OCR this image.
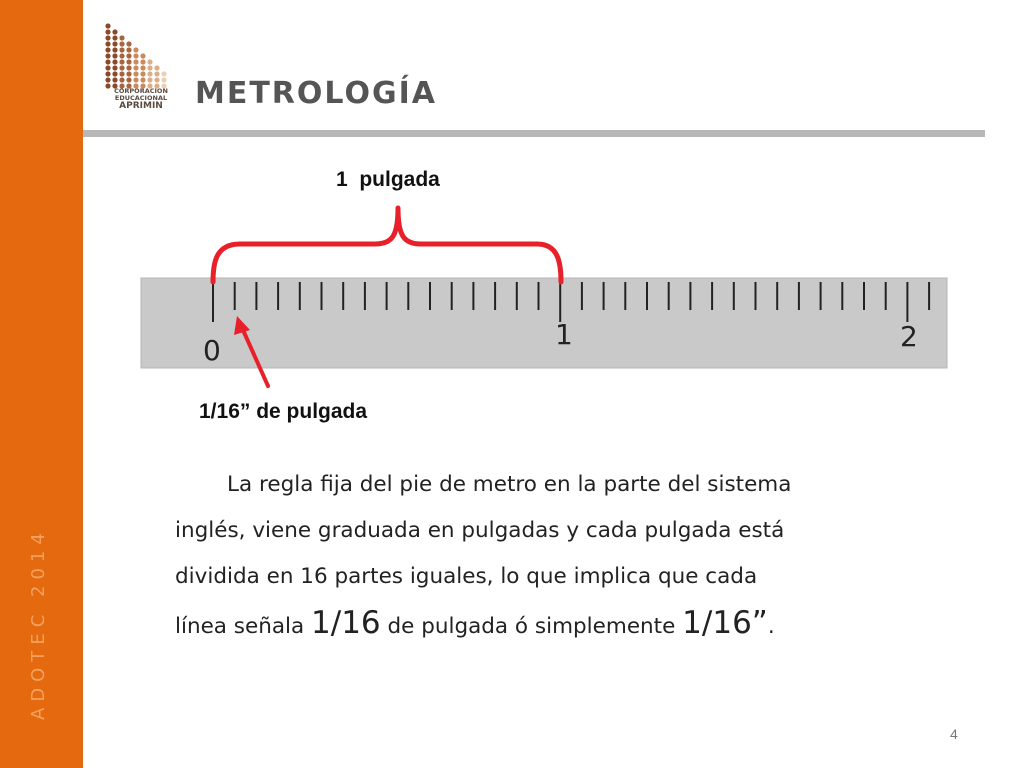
ADOTEC 2014
CORPORACION
EDUCACIONAL
APRIMIN	METROLOGÍA
0	1	2
1  pulgada
1/16” de pulgada
La regla fija del pie de metro en la parte del sistema
inglés, viene graduada en pulgadas y cada pulgada está
dividida en 16 partes iguales, lo que implica que cada
línea señala 1/16 de pulgada ó simplemente 1/16”.
4
